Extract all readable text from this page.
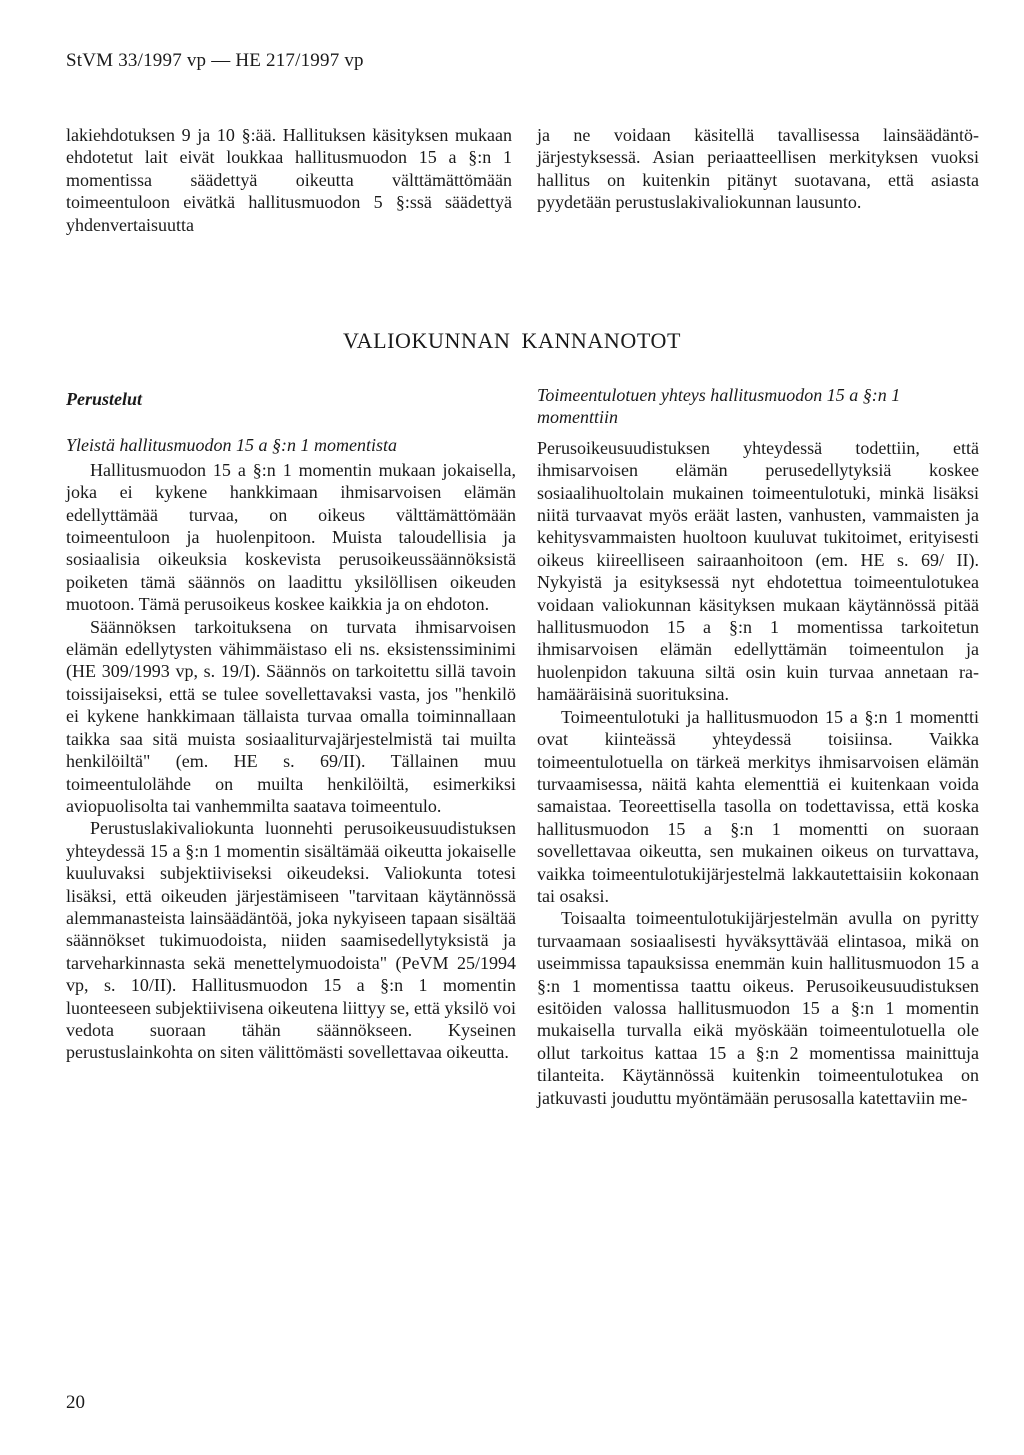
StVM 33/1997 vp — HE 217/1997 vp

lakiehdotuksen 9 ja 10 §:ää. Hallituksen käsityksen mukaan ehdotetut lait eivät loukkaa hallitusmuodon 15 a §:n 1 momentissa säädettyä oikeutta välttämättömään toimeentuloon eivätkä hallitusmuodon 5 §:ssä säädettyä yhdenvertaisuutta

ja ne voidaan käsitellä tavallisessa lainsäädäntöjärjestyksessä. Asian periaatteellisen merkityksen vuoksi hallitus on kuitenkin pitänyt suotavana, että asiasta pyydetään perustuslakivaliokunnan lausunto.

VALIOKUNNAN KANNANOTOT
Perustelut
Yleistä hallitusmuodon 15 a §:n 1 momentista

Hallitusmuodon 15 a §:n 1 momentin mukaan jokaisella, joka ei kykene hankkimaan ihmisarvoisen elämän edellyttämää turvaa, on oikeus välttämättömään toimeentuloon ja huolenpitoon. Muista taloudellisia ja sosiaalisia oikeuksia koskevista perusoikeussäännöksistä poiketen tämä säännös on laadittu yksilöllisen oikeuden muotoon. Tämä perusoikeus koskee kaikkia ja on ehdoton.

Säännöksen tarkoituksena on turvata ihmisarvoisen elämän edellytysten vähimmäistaso eli ns. eksistenssiminimi (HE 309/1993 vp, s. 19/I). Säännös on tarkoitettu sillä tavoin toissijaiseksi, että se tulee sovellettavaksi vasta, jos "henkilö ei kykene hankkimaan tällaista turvaa omalla toiminnallaan taikka saa sitä muista sosiaaliturvajärjestelmistä tai muilta henkilöiltä" (em. HE s. 69/II). Tällainen muu toimeentulolähde on muilta henkilöiltä, esimerkiksi aviopuolisolta tai vanhemmilta saatava toimeentulo.

Perustuslakivaliokunta luonnehti perusoikeusuudistuksen yhteydessä 15 a §:n 1 momentin sisältämää oikeutta jokaiselle kuuluvaksi subjektiiviseksi oikeudeksi. Valiokunta totesi lisäksi, että oikeuden järjestämiseen "tarvitaan käytännössä alemmanasteista lainsäädäntöä, joka nykyiseen tapaan sisältää säännökset tukimuodoista, niiden saamisedellytyksistä ja tarveharkinnasta sekä menettelymuodoista" (PeVM 25/1994 vp, s. 10/II). Hallitusmuodon 15 a §:n 1 momentin luonteeseen subjektiivisena oikeutena liittyy se, että yksilö voi vedota suoraan tähän säännökseen. Kyseinen perustuslainkohta on siten välittömästi sovellettavaa oikeutta.

Toimeentulotuen yhteys hallitusmuodon 15 a §:n 1 momenttiin

Perusoikeusuudistuksen yhteydessä todettiin, että ihmisarvoisen elämän perusedellytyksiä koskee sosiaalihuoltolain mukainen toimeentulotuki, minkä lisäksi niitä turvaavat myös eräät lasten, vanhusten, vammaisten ja kehitysvammaisten huoltoon kuuluvat tukitoimet, erityisesti oikeus kiireelliseen sairaanhoitoon (em. HE s. 69/ II). Nykyistä ja esityksessä nyt ehdotettua toimeentulotukea voidaan valiokunnan käsityksen mukaan käytännössä pitää hallitusmuodon 15 a §:n 1 momentissa tarkoitetun ihmisarvoisen elämän edellyttämän toimeentulon ja huolenpidon takuuna siltä osin kuin turvaa annetaan rahamääräisinä suorituksina.

Toimeentulotuki ja hallitusmuodon 15 a §:n 1 momentti ovat kiinteässä yhteydessä toisiinsa. Vaikka toimeentulotuella on tärkeä merkitys ihmisarvoisen elämän turvaamisessa, näitä kahta elementtiä ei kuitenkaan voida samaistaa. Teoreettisella tasolla on todettavissa, että koska hallitusmuodon 15 a §:n 1 momentti on suoraan sovellettavaa oikeutta, sen mukainen oikeus on turvattava, vaikka toimeentulotukijärjestelmä lakkautettaisiin kokonaan tai osaksi.

Toisaalta toimeentulotukijärjestelmän avulla on pyritty turvaamaan sosiaalisesti hyväksyttävää elintasoa, mikä on useimmissa tapauksissa enemmän kuin hallitusmuodon 15 a §:n 1 momentissa taattu oikeus. Perusoikeusuudistuksen esitöiden valossa hallitusmuodon 15 a §:n 1 momentin mukaisella turvalla eikä myöskään toimeentulotuella ole ollut tarkoitus kattaa 15 a §:n 2 momentissa mainittuja tilanteita. Käytännössä kuitenkin toimeentulotukea on jatkuvasti jouduttu myöntämään perusosalla katettaviin me-

20
